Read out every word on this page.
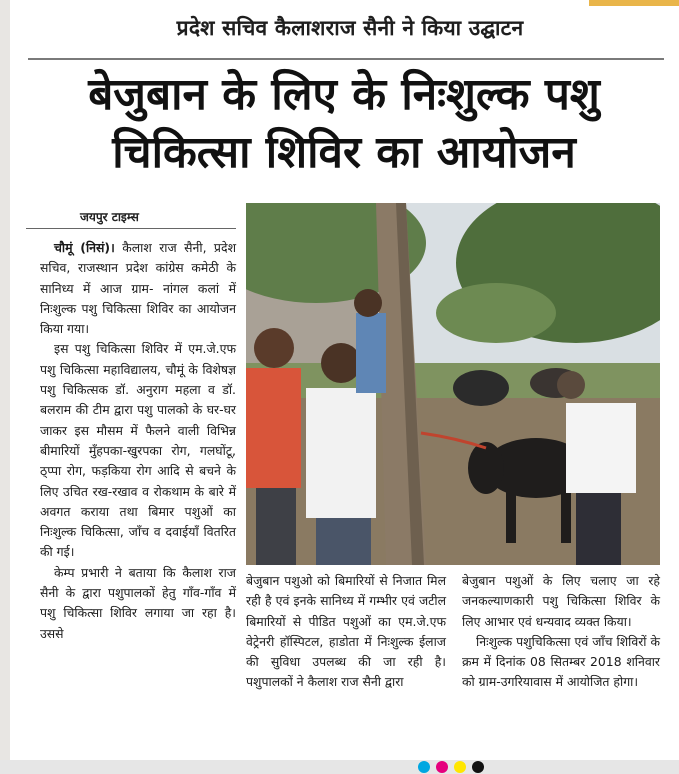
प्रदेश सचिव कैलाशराज सैनी ने किया उद्घाटन
बेजुबान के लिए के निःशुल्क पशु
चिकित्सा शिविर का आयोजन
जयपुर टाइम्स

चौमूं (निसं)। कैलाश राज सैनी, प्रदेश सचिव, राजस्थान प्रदेश कांग्रेस कमेठी के सानिध्य में आज ग्राम- नांगल कलां में निःशुल्क पशु चिकित्सा शिविर का आयोजन किया गया।

इस पशु चिकित्सा शिविर में एम.जे.एफ पशु चिकित्सा महाविद्यालय, चौमूं के विशेषज्ञ पशु चिकित्सक डॉ. अनुराग महला व डॉ. बलराम की टीम द्वारा पशु पालको के घर-घर जाकर इस मौसम में फैलने वाली विभिन्न बीमारियों मुँहपका-खुरपका रोग, गलघोंटू, ठ्प्पा रोग, फड़किया रोग आदि से बचने के लिए उचित रख-रखाव व रोकथाम के बारे में अवगत कराया तथा बिमार पशुओं का निःशुल्क चिकित्सा, जाँच व दवाईयाँ वितरित की गई।

केम्प प्रभारी ने बताया कि कैलाश राज सैनी के द्वारा पशुपालकों हेतु गाँव-गाँव में पशु चिकित्सा शिविर लगाया जा रहा है। उससे

बेजुबान पशुओ को बिमारियों से निजात मिल रही है एवं इनके सानिध्य में गम्भीर एवं जटील बिमारियों से पीडित पशुओं का एम.जे.एफ वेट्रेनरी हॉस्पिटल, हाडोता में निःशुल्क ईलाज की सुविधा उपलब्ध की जा रही है। पशुपालकों ने कैलाश राज सैनी द्वारा

बेजुबान पशुओं के लिए चलाए जा रहे जनकल्याणकारी पशु चिकित्सा शिविर के लिए आभार एवं धन्यवाद व्यक्त किया।

निःशुल्क पशुचिकित्सा एवं जाँच शिविरों के क्रम में दिनांक 08 सितम्बर 2018 शनिवार को ग्राम-उगरियावास में आयोजित होगा।
